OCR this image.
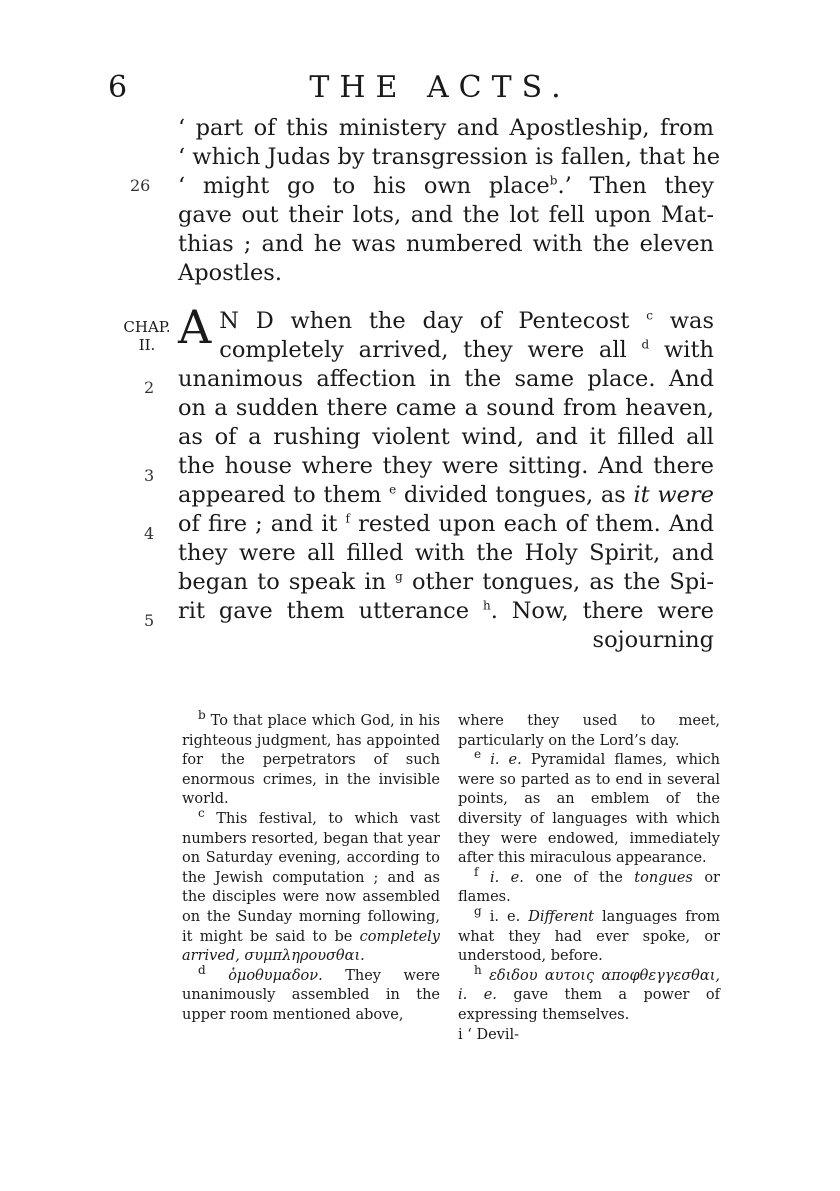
6	THE ACTS.
26
CHAP.
II.
2
3
4
5
‘ part of this ministery and Apostleship, from
‘ which Judas by transgression is fallen, that he
‘ might go to his own place$^b$.’ Then they
gave out their lots, and the lot fell upon Mat-
thias ; and he was numbered with the eleven
Apostles.
A N D when the day of Pentecost $^c$ was
completely arrived, they were all $^d$ with
unanimous affection in the same place. And
on a sudden there came a sound from heaven,
as of a rushing violent wind, and it filled all
the house where they were sitting. And there
appeared to them $^e$ divided tongues, as it were
of fire ; and it $^f$ rested upon each of them. And
they were all filled with the Holy Spirit, and
began to speak in $^g$ other tongues, as the Spi-
rit gave them utterance $^h$. Now, there were
sojourning

$^b$ To that place which God, in his righteous judgment, has appointed for the perpetrators of such enormous crimes, in the invisible world.

$^c$ This festival, to which vast numbers resorted, began that year on Saturday evening, according to the Jewish computation ; and as the disciples were now assembled on the Sunday morning following, it might be said to be completely arrived, συμπληρουσθαι.

$^d$ ὁμοθυμαδον. They were unanimously assembled in the upper room mentioned above,

where they used to meet, particularly on the Lord’s day.

$^e$ i. e. Pyramidal flames, which were so parted as to end in several points, as an emblem of the diversity of languages with which they were endowed, immediately after this miraculous appearance.

$^f$ i. e. one of the tongues or flames.

$^g$ i. e. Different languages from what they had ever spoke, or understood, before.

$^h$ εδιδου αυτοις αποφθεγγεσθαι, i. e. gave them a power of expressing themselves.

i ‘ Devil-
